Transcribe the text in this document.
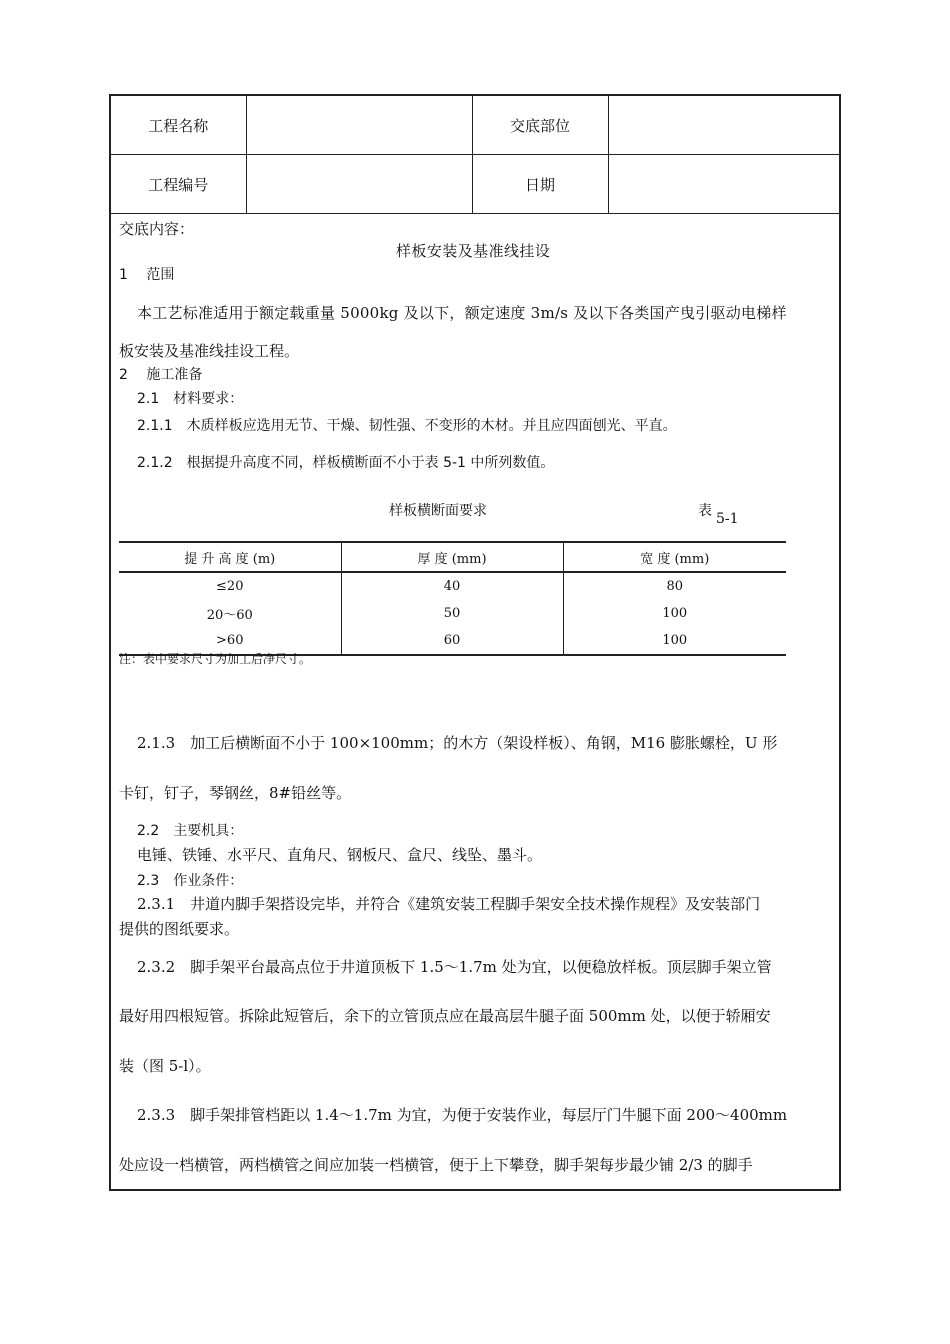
工程名称		交底部位	
工程编号		日期	
交底内容：
样板安装及基准线挂设
1　 范围
本工艺标准适用于额定载重量 5000kg 及以下，额定速度 3m/s 及以下各类国产曳引驱动电梯样
板安装及基准线挂设工程。
2　 施工准备
2.1　材料要求：
2.1.1　木质样板应选用无节、干燥、韧性强、不变形的木材。并且应四面刨光、平直。
2.1.2　根据提升高度不同，样板横断面不小于表 5-1 中所列数值。
样板横断面要求	表 5-1
提 升 高 度 (m)	厚 度 (mm)	宽 度 (mm)
≤20	40	80
20～60	50	100
>60	60	100
注：表中要求尺寸为加工后净尺寸。
2.1.3　加工后横断面不小于 100×100mm；的木方（架设样板）、角钢，M16 膨胀螺栓，U 形
卡钉，钉子，琴钢丝，8#铅丝等。
2.2　主要机具：
电锤、铁锤、水平尺、直角尺、钢板尺、盒尺、线坠、墨斗。
2.3　作业条件：
2.3.1　井道内脚手架搭设完毕，并符合《建筑安装工程脚手架安全技术操作规程》及安装部门
提供的图纸要求。
2.3.2　脚手架平台最高点位于井道顶板下 1.5～1.7m 处为宜，以便稳放样板。顶层脚手架立管
最好用四根短管。拆除此短管后，余下的立管顶点应在最高层牛腿子面 500mm 处，以便于轿厢安
装（图 5-l）。
2.3.3　脚手架排管档距以 1.4～1.7m 为宜，为便于安装作业，每层厅门牛腿下面 200～400mm
处应设一档横管，两档横管之间应加装一档横管，便于上下攀登，脚手架每步最少铺 2/3 的脚手
